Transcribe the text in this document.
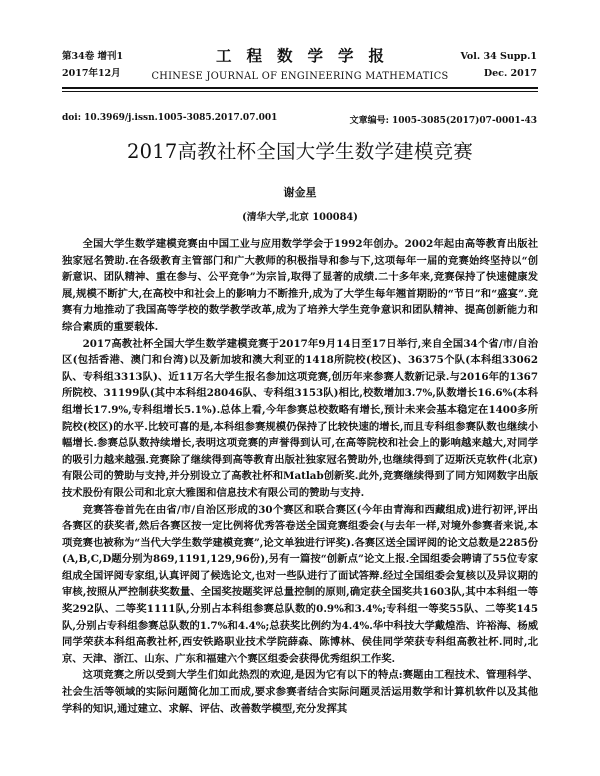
第34卷 增刊1
2017年12月
工程数学学报
CHINESE JOURNAL OF ENGINEERING MATHEMATICS
Vol. 34 Supp.1
Dec. 2017
doi: 10.3969/j.issn.1005-3085.2017.07.001	文章编号: 1005-3085(2017)07-0001-43
2017高教社杯全国大学生数学建模竞赛
谢金星
(清华大学,北京 100084)

全国大学生数学建模竞赛由中国工业与应用数学学会于1992年创办。2002年起由高等教育出版社独家冠名赞助.在各级教育主管部门和广大教师的积极指导和参与下,这项每年一届的竞赛始终坚持以“创新意识、团队精神、重在参与、公平竞争”为宗旨,取得了显著的成绩.二十多年来,竞赛保持了快速健康发展,规模不断扩大,在高校中和社会上的影响力不断推升,成为了大学生每年翘首期盼的“节日”和“盛宴”.竞赛有力地推动了我国高等学校的数学教学改革,成为了培养大学生竞争意识和团队精神、提高创新能力和综合素质的重要载体.

2017高教社杯全国大学生数学建模竞赛于2017年9月14日至17日举行,来自全国34个省/市/自治区(包括香港、澳门和台湾)以及新加坡和澳大利亚的1418所院校(校区)、36375个队(本科组33062队、专科组3313队)、近11万名大学生报名参加这项竞赛,创历年来参赛人数新记录.与2016年的1367所院校、31199队(其中本科组28046队、专科组3153队)相比,校数增加3.7%,队数增长16.6%(本科组增长17.9%,专科组增长5.1%).总体上看,今年参赛总校数略有增长,预计未来会基本稳定在1400多所院校(校区)的水平.比较可喜的是,本科组参赛规模仍保持了比较快速的增长,而且专科组参赛队数也继续小幅增长.参赛总队数持续增长,表明这项竞赛的声誉得到认可,在高等院校和社会上的影响越来越大,对同学的吸引力越来越强.竞赛除了继续得到高等教育出版社独家冠名赞助外,也继续得到了迈斯沃克软件(北京)有限公司的赞助与支持,并分别设立了高教社杯和Matlab创新奖.此外,竞赛继续得到了同方知网数字出版技术股份有限公司和北京大雅图和信息技术有限公司的赞助与支持.

竞赛答卷首先在由省/市/自治区形成的30个赛区和联合赛区(今年由青海和西藏组成)进行初评,评出各赛区的获奖者,然后各赛区按一定比例将优秀答卷送全国竞赛组委会(与去年一样,对境外参赛者来说,本项竞赛也被称为“当代大学生数学建模竞赛”,论文单独进行评奖).各赛区送全国评阅的论文总数是2285份(A,B,C,D题分别为869,1191,129,96份),另有一篇按“创新点”论文上报.全国组委会聘请了55位专家组成全国评阅专家组,认真评阅了候选论文,也对一些队进行了面试答辩.经过全国组委会复核以及异议期的审核,按照从严控制获奖数量、全国奖按题奖评总量控制的原则,确定获全国奖共1603队,其中本科组一等奖292队、二等奖1111队,分别占本科组参赛总队数的0.9%和3.4%;专科组一等奖55队、二等奖145队,分别占专科组参赛总队数的1.7%和4.4%;总获奖比例约为4.4%.华中科技大学戴煌浩、许裕海、杨威同学荣获本科组高教社杯,西安铁路职业技术学院薛森、陈博林、侯佳同学荣获专科组高教社杯.同时,北京、天津、浙江、山东、广东和福建六个赛区组委会获得优秀组织工作奖.

这项竞赛之所以受到大学生们如此热烈的欢迎,是因为它有以下的特点:赛题由工程技术、管理科学、社会生活等领域的实际问题简化加工而成,要求参赛者结合实际问题灵活运用数学和计算机软件以及其他学科的知识,通过建立、求解、评估、改善数学模型,充分发挥其
